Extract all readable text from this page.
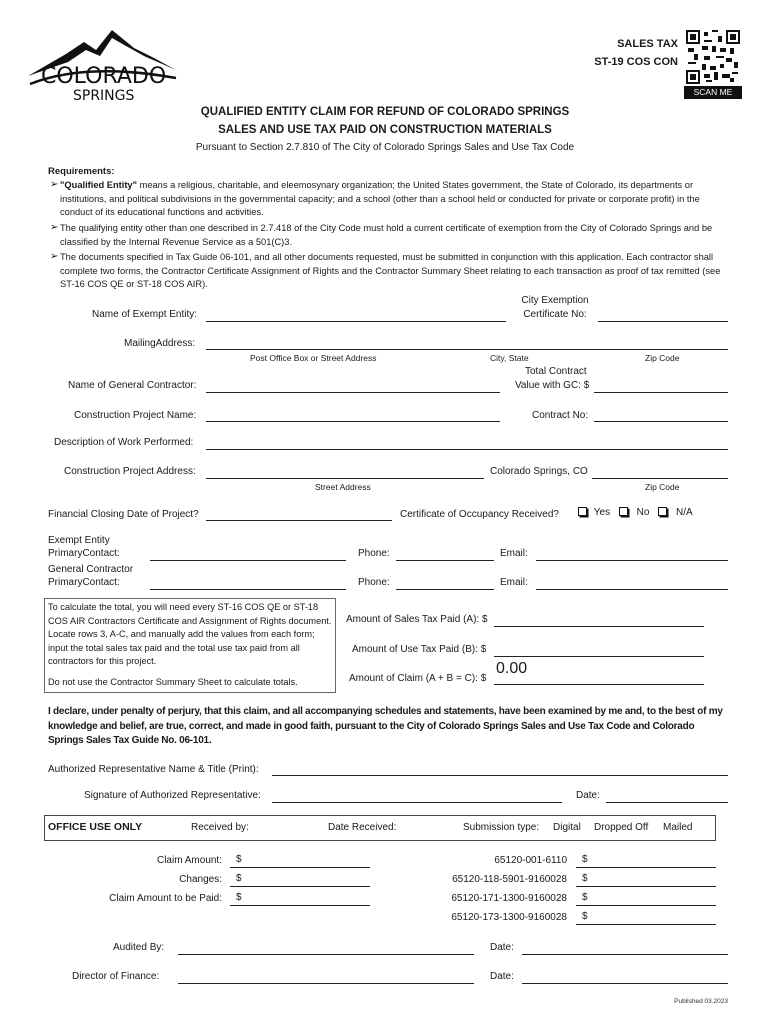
COLORADO
SPRINGS
SALES TAX
ST-19 COS CON
SCAN ME
QUALIFIED ENTITY CLAIM FOR REFUND OF COLORADO SPRINGS
SALES AND USE TAX PAID ON CONSTRUCTION MATERIALS
Pursuant to Section 2.7.810 of The City of Colorado Springs Sales and Use Tax Code
Requirements:
➢ "Qualified Entity" means a religious, charitable, and eleemosynary organization; the United States government, the State of Colorado, its departments or institutions, and political subdivisions in the governmental capacity; and a school (other than a school held or conducted for private or corporate profit) in the conduct of its educational functions and activities.
➢ The qualifying entity other than one described in 2.7.418 of the City Code must hold a current certificate of exemption from the City of Colorado Springs and be classified by the Internal Revenue Service as a 501(C)3.
➢ The documents specified in Tax Guide 06-101, and all other documents requested, must be submitted in conjunction with this application. Each contractor shall complete two forms, the Contractor Certificate Assignment of Rights and the Contractor Summary Sheet relating to each transaction as proof of tax remitted (see ST-16 COS QE or ST-18 COS AIR).
Name of Exempt Entity:
City Exemption
Certificate No:
MailingAddress:
Post Office Box or Street Address	City, State	Zip Code
Name of General Contractor:
Total Contract
Value with GC: $
Construction Project Name:	Contract No:
Description of Work Performed:
Construction Project Address:	Colorado Springs, CO
Street Address	Zip Code
Financial Closing Date of Project?	Certificate of Occupancy Received?	Yes	No	N/A
Exempt Entity
PrimaryContact:	Phone:	Email:
General Contractor
PrimaryContact:	Phone:	Email:
To calculate the total, you will need every ST-16 COS QE or ST-18 COS AIR Contractors Certificate and Assignment of Rights document. Locate rows 3, A-C, and manually add the values from each form; input the total sales tax paid and the total use tax paid from all contractors for this project.
Do not use the Contractor Summary Sheet to calculate totals.
Amount of Sales Tax Paid (A): $
Amount of Use Tax Paid (B): $
Amount of Claim (A + B = C): $
0.00
I declare, under penalty of perjury, that this claim, and all accompanying schedules and statements, have been examined by me and, to the best of my knowledge and belief, are true, correct, and made in good faith, pursuant to the City of Colorado Springs Sales and Use Tax Code and Colorado Springs Sales Tax Guide No. 06-101.
Authorized Representative Name & Title (Print):
Signature of Authorized Representative:	Date:
OFFICE USE ONLY	Received by:	Date Received:	Submission type: Digital Dropped Off Mailed
Claim Amount: $
Changes: $
Claim Amount to be Paid: $
65120-001-6110 $
65120-118-5901-9160028 $
65120-171-1300-9160028 $
65120-173-1300-9160028 $
Audited By:	Date:
Director of Finance:	Date:
Published 03.2023
